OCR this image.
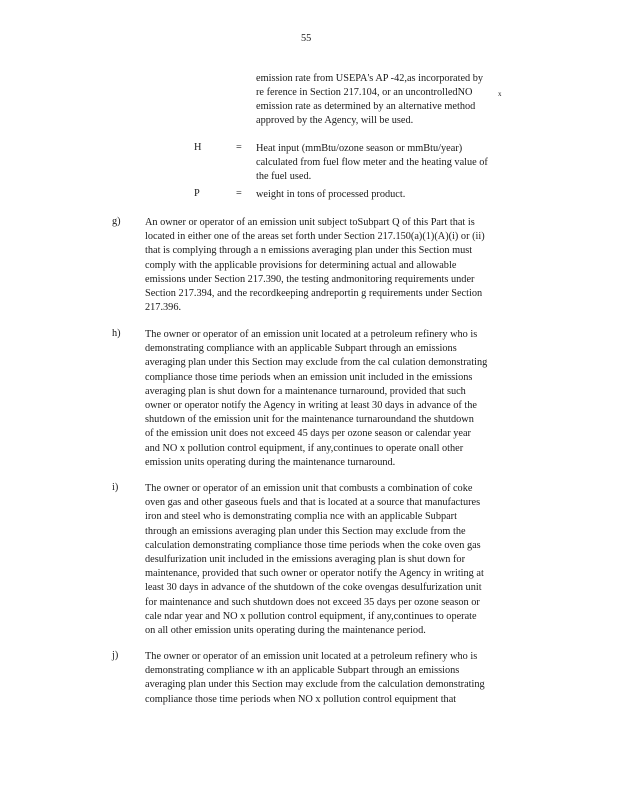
55
emission rate from USEPA's AP -42,as incorporated by
re ference in Section 217.104, or an uncontrolledNO	x
emission rate as determined by an alternative method
approved by the Agency, will be used.
H	= Heat input (mmBtu/ozone season or mmBtu/year)
calculated from fuel flow meter and the heating value of
the fuel used.
P	= weight in tons of processed product.
g) An owner or operator of an emission unit subject toSubpart Q of this Part that is
located in either one of the areas set forth under Section 217.150(a)(1)(A)(i) or (ii)
that is complying through a n emissions averaging plan under this Section must
comply with the applicable provisions for determining actual and allowable
emissions under Section 217.390, the testing andmonitoring requirements under
Section 217.394, and the recordkeeping andreportin g requirements under Section
217.396.
h) The owner or operator of an emission unit located at a petroleum refinery who is
demonstrating compliance with an applicable Subpart through an emissions
averaging plan under this Section may exclude from the cal culation demonstrating
compliance those time periods when an emission unit included in the emissions
averaging plan is shut down for a maintenance turnaround, provided that such
owner or operator notify the Agency in writing at least 30 days in advance of the
shutdown of the emission unit for the maintenance turnaroundand the shutdown
of the emission unit does not exceed 45 days per ozone season or calendar year
and NO x pollution control equipment, if any,continues to operate onall other
emission units operating during the maintenance turnaround.
i)	The owner or operator of an emission unit that combusts a combination of coke
oven gas and other gaseous fuels and that is located at a source that manufactures
iron and steel who is demonstrating complia nce with an applicable Subpart
through an emissions averaging plan under this Section may exclude from the
calculation demonstrating compliance those time periods when the coke oven gas
desulfurization unit included in the emissions averaging plan is shut down for
maintenance, provided that such owner or operator notify the Agency in writing at
least 30 days in advance of the shutdown of the coke ovengas desulfurization unit
for maintenance and such shutdown does not exceed 35 days per ozone season or
cale ndar year and NO x pollution control equipment, if any,continues to operate
on all other emission units operating during the maintenance period.
j)	The owner or operator of an emission unit located at a petroleum refinery who is
demonstrating compliance w ith an applicable Subpart through an emissions
averaging plan under this Section may exclude from the calculation demonstrating
compliance those time periods when NO x pollution control equipment that
